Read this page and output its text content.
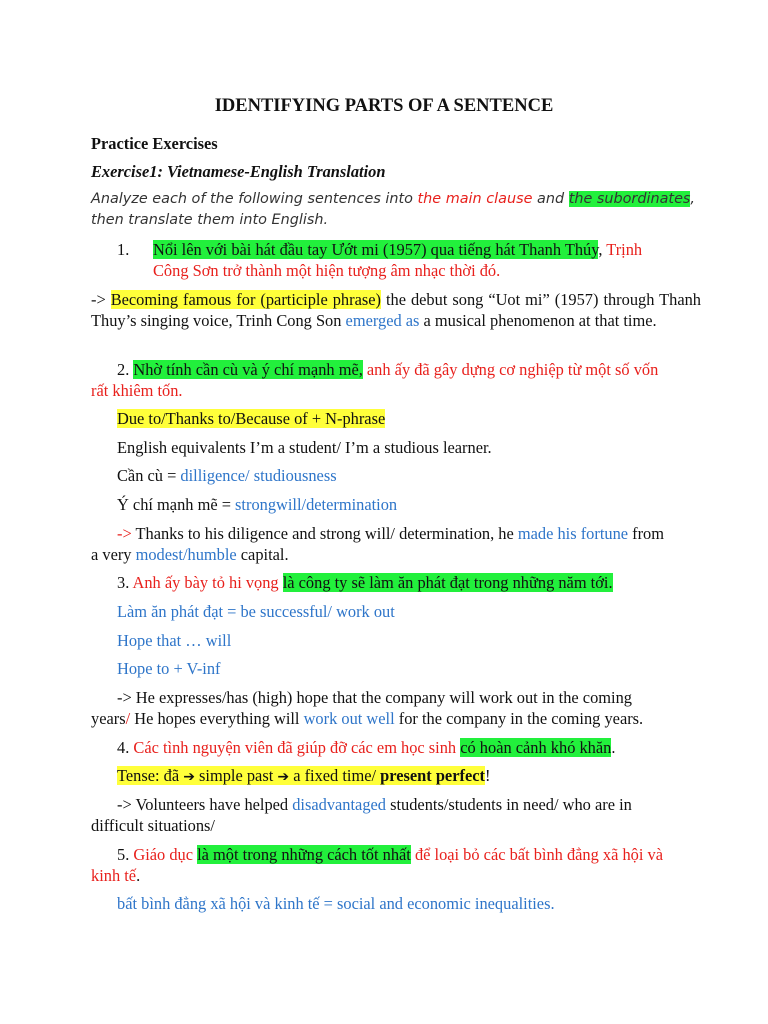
IDENTIFYING PARTS OF A SENTENCE
Practice Exercises
Exercise1: Vietnamese-English Translation
Analyze each of the following sentences into the main clause and the subordinates,
then translate them into English.
1. Nổi lên với bài hát đầu tay Ướt mi (1957) qua tiếng hát Thanh Thúy, Trịnh
Công Sơn trở thành một hiện tượng âm nhạc thời đó.
-> Becoming famous for (participle phrase) the debut song “Uot mi” (1957) through Thanh Thuy’s singing voice, Trinh Cong Son emerged as a musical phenomenon at that time.
2. Nhờ tính cần cù và ý chí mạnh mẽ, anh ấy đã gây dựng cơ nghiệp từ một số vốn
rất khiêm tốn.
Due to/Thanks to/Because of + N-phrase
English equivalents I’m a student/ I’m a studious learner.
Cần cù = dilligence/ studiousness
Ý chí mạnh mẽ = strongwill/determination
-> Thanks to his diligence and strong will/ determination, he made his fortune from
a very modest/humble capital.
3. Anh ấy bày tỏ hi vọng là công ty sẽ làm ăn phát đạt trong những năm tới.
Làm ăn phát đạt = be successful/ work out
Hope that … will
Hope to + V-inf
-> He expresses/has (high) hope that the company will work out in the coming
years/ He hopes everything will work out well for the company in the coming years.
4. Các tình nguyện viên đã giúp đỡ các em học sinh có hoàn cảnh khó khăn.
Tense: đã ➔ simple past ➔ a fixed time/ present perfect!
-> Volunteers have helped disadvantaged students/students in need/ who are in
difficult situations/
5. Giáo dục là một trong những cách tốt nhất để loại bỏ các bất bình đẳng xã hội và
kinh tế.
bất bình đẳng xã hội và kinh tế = social and economic inequalities.
